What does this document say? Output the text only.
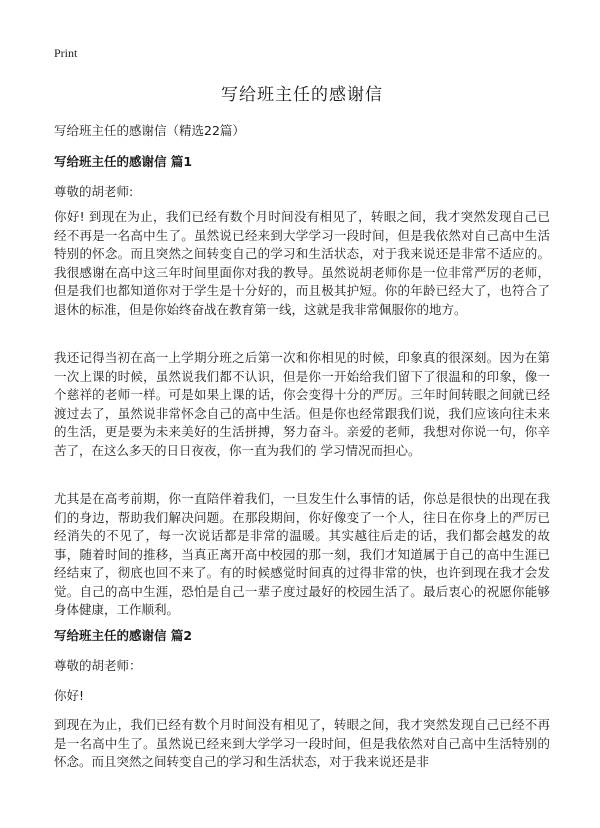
Print
写给班主任的感谢信
写给班主任的感谢信（精选22篇）
写给班主任的感谢信 篇1
尊敬的胡老师:

你好! 到现在为止，我们已经有数个月时间没有相见了，转眼之间，我才突然发现自己已经不再是一名高中生了。虽然说已经来到大学学习一段时间，但是我依然对自己高中生活特别的怀念。而且突然之间转变自己的学习和生活状态，对于我来说还是非常不适应的。我很感谢在高中这三年时间里面你对我的教导。虽然说胡老师你是一位非常严厉的老师，但是我们也都知道你对于学生是十分好的，而且极其护短。你的年龄已经大了，也符合了退休的标准，但是你始终奋战在教育第一线，这就是我非常佩服你的地方。

我还记得当初在高一上学期分班之后第一次和你相见的时候，印象真的很深刻。因为在第一次上课的时候，虽然说我们都不认识，但是你一开始给我们留下了很温和的印象，像一个慈祥的老师一样。可是如果上课的话，你会变得十分的严厉。三年时间转眼之间就已经渡过去了，虽然说非常怀念自己的高中生活。但是你也经常跟我们说，我们应该向往未来的生活，更是要为未来美好的生活拼搏，努力奋斗。亲爱的老师，我想对你说一句，你辛苦了，在这么多天的日日夜夜，你一直为我们的 学习情况而担心。

尤其是在高考前期，你一直陪伴着我们，一旦发生什么事情的话，你总是很快的出现在我们的身边，帮助我们解决问题。在那段期间，你好像变了一个人，往日在你身上的严厉已经消失的不见了，每一次说话都是非常的温暖。其实越往后走的话，我们都会越发的故事，随着时间的推移，当真正离开高中校园的那一刻，我们才知道属于自己的高中生涯已经结束了，彻底也回不来了。有的时候感觉时间真的过得非常的快，也许到现在我才会发觉。自己的高中生涯，恐怕是自己一辈子度过最好的校园生活了。最后衷心的祝愿你能够身体健康，工作顺利。

写给班主任的感谢信 篇2
尊敬的胡老师：
你好!

到现在为止，我们已经有数个月时间没有相见了，转眼之间，我才突然发现自己已经不再是一名高中生了。虽然说已经来到大学学习一段时间，但是我依然对自己高中生活特别的怀念。而且突然之间转变自己的学习和生活状态，对于我来说还是非
